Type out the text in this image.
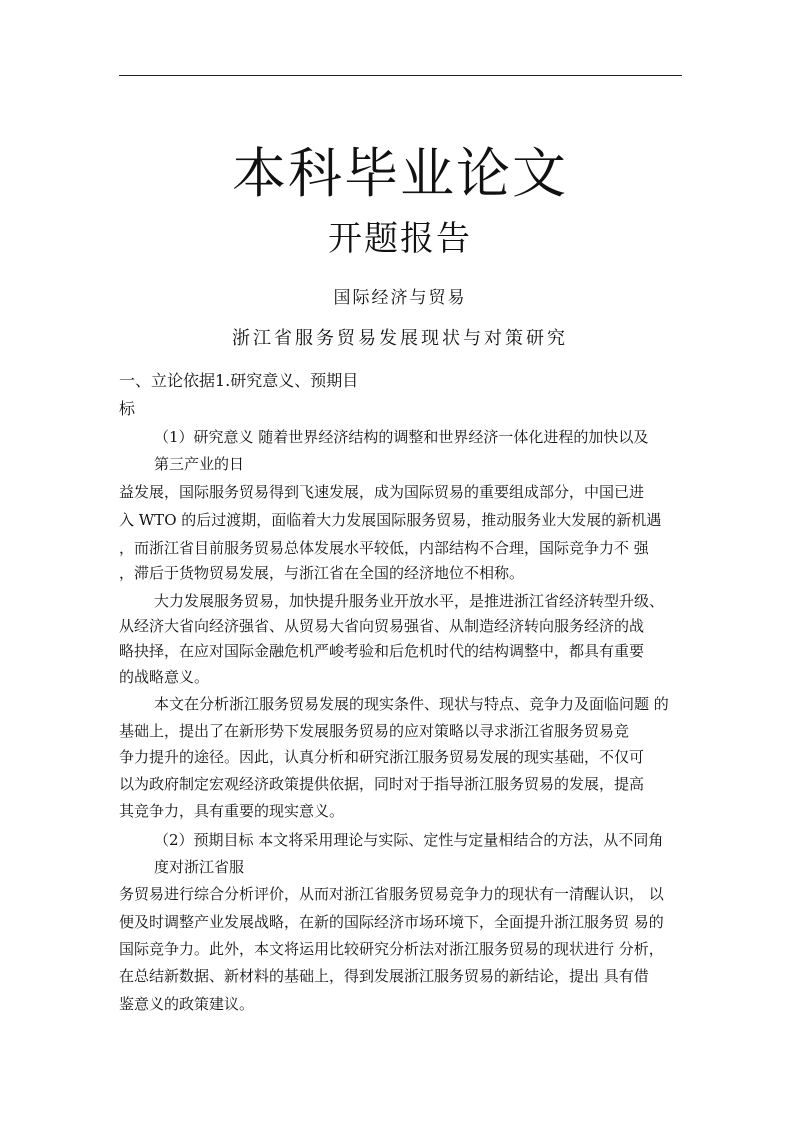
本科毕业论文
开题报告
国际经济与贸易
浙江省服务贸易发展现状与对策研究
一、立论依据1.研究意义、预期目
标
（1）研究意义 随着世界经济结构的调整和世界经济一体化进程的加快以及
第三产业的日
益发展，国际服务贸易得到飞速发展，成为国际贸易的重要组成部分，中国已进
入 WTO 的后过渡期，面临着大力发展国际服务贸易，推动服务业大发展的新机遇
，而浙江省目前服务贸易总体发展水平较低，内部结构不合理，国际竞争力不 强
，滞后于货物贸易发展，与浙江省在全国的经济地位不相称。
大力发展服务贸易，加快提升服务业开放水平，是推进浙江省经济转型升级、
从经济大省向经济强省、从贸易大省向贸易强省、从制造经济转向服务经济的战
略抉择，在应对国际金融危机严峻考验和后危机时代的结构调整中，都具有重要
的战略意义。
本文在分析浙江服务贸易发展的现实条件、现状与特点、竞争力及面临问题 的
基础上，提出了在新形势下发展服务贸易的应对策略以寻求浙江省服务贸易竞
争力提升的途径。因此，认真分析和研究浙江服务贸易发展的现实基础，不仅可
以为政府制定宏观经济政策提供依据，同时对于指导浙江服务贸易的发展，提高
其竞争力，具有重要的现实意义。
（2）预期目标 本文将采用理论与实际、定性与定量相结合的方法，从不同角
度对浙江省服
务贸易进行综合分析评价，从而对浙江省服务贸易竞争力的现状有一清醒认识， 以
便及时调整产业发展战略，在新的国际经济市场环境下，全面提升浙江服务贸 易的
国际竞争力。此外，本文将运用比较研究分析法对浙江服务贸易的现状进行 分析，
在总结新数据、新材料的基础上，得到发展浙江服务贸易的新结论，提出 具有借
鉴意义的政策建议。
